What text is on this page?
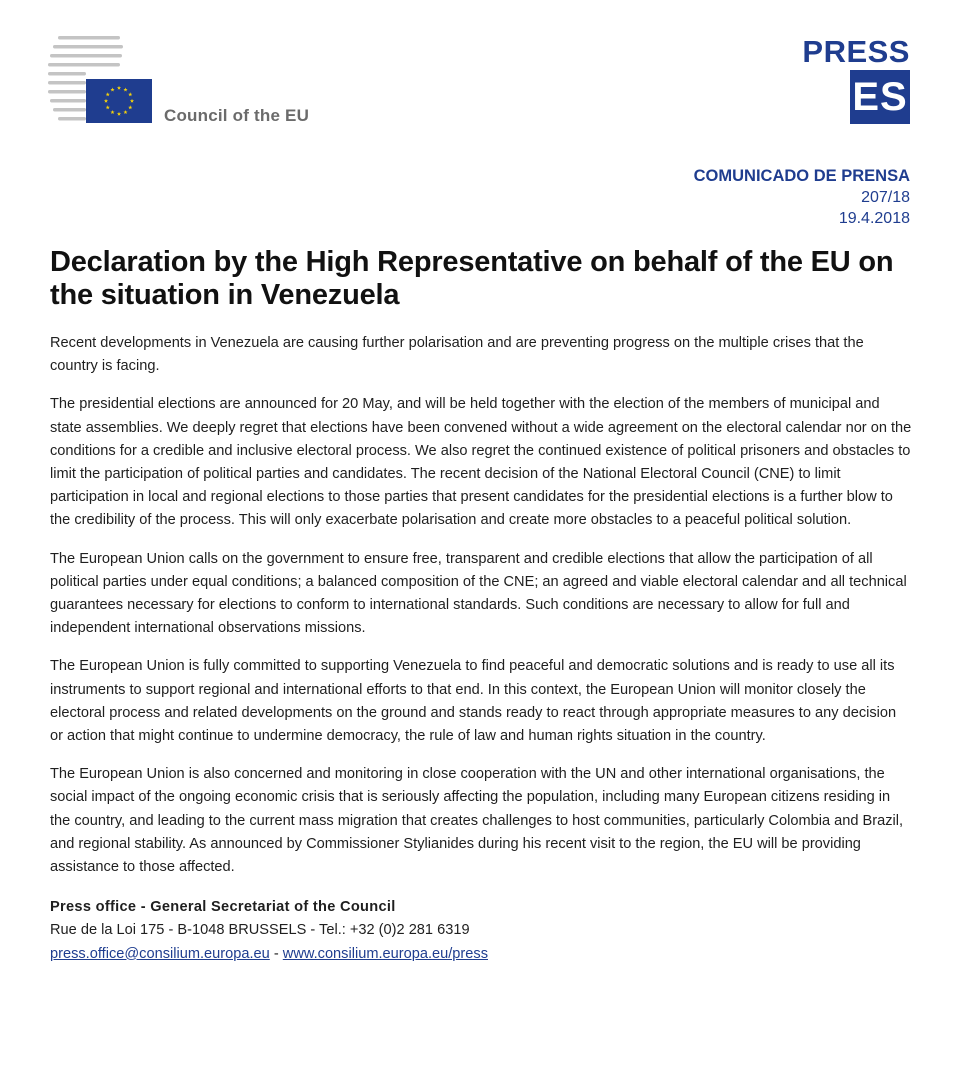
Council of the EU
PRESS
ES
COMUNICADO DE PRENSA
207/18
19.4.2018
Declaration by the High Representative on behalf of the EU on the situation in Venezuela

Recent developments in Venezuela are causing further polarisation and are preventing progress on the multiple crises that the country is facing.

The presidential elections are announced for 20 May, and will be held together with the election of the members of municipal and state assemblies. We deeply regret that elections have been convened without a wide agreement on the electoral calendar nor on the conditions for a credible and inclusive electoral process. We also regret the continued existence of political prisoners and obstacles to limit the participation of political parties and candidates. The recent decision of the National Electoral Council (CNE) to limit participation in local and regional elections to those parties that present candidates for the presidential elections is a further blow to the credibility of the process. This will only exacerbate polarisation and create more obstacles to a peaceful political solution.

The European Union calls on the government to ensure free, transparent and credible elections that allow the participation of all political parties under equal conditions; a balanced composition of the CNE; an agreed and viable electoral calendar and all technical guarantees necessary for elections to conform to international standards. Such conditions are necessary to allow for full and independent international observations missions.

The European Union is fully committed to supporting Venezuela to find peaceful and democratic solutions and is ready to use all its instruments to support regional and international efforts to that end. In this context, the European Union will monitor closely the electoral process and related developments on the ground and stands ready to react through appropriate measures to any decision or action that might continue to undermine democracy, the rule of law and human rights situation in the country.

The European Union is also concerned and monitoring in close cooperation with the UN and other international organisations, the social impact of the ongoing economic crisis that is seriously affecting the population, including many European citizens residing in the country, and leading to the current mass migration that creates challenges to host communities, particularly Colombia and Brazil, and regional stability. As announced by Commissioner Stylianides during his recent visit to the region, the EU will be providing assistance to those affected.

Press office - General Secretariat of the Council
Rue de la Loi 175 - B-1048 BRUSSELS - Tel.: +32 (0)2 281 6319
press.office@consilium.europa.eu - www.consilium.europa.eu/press
